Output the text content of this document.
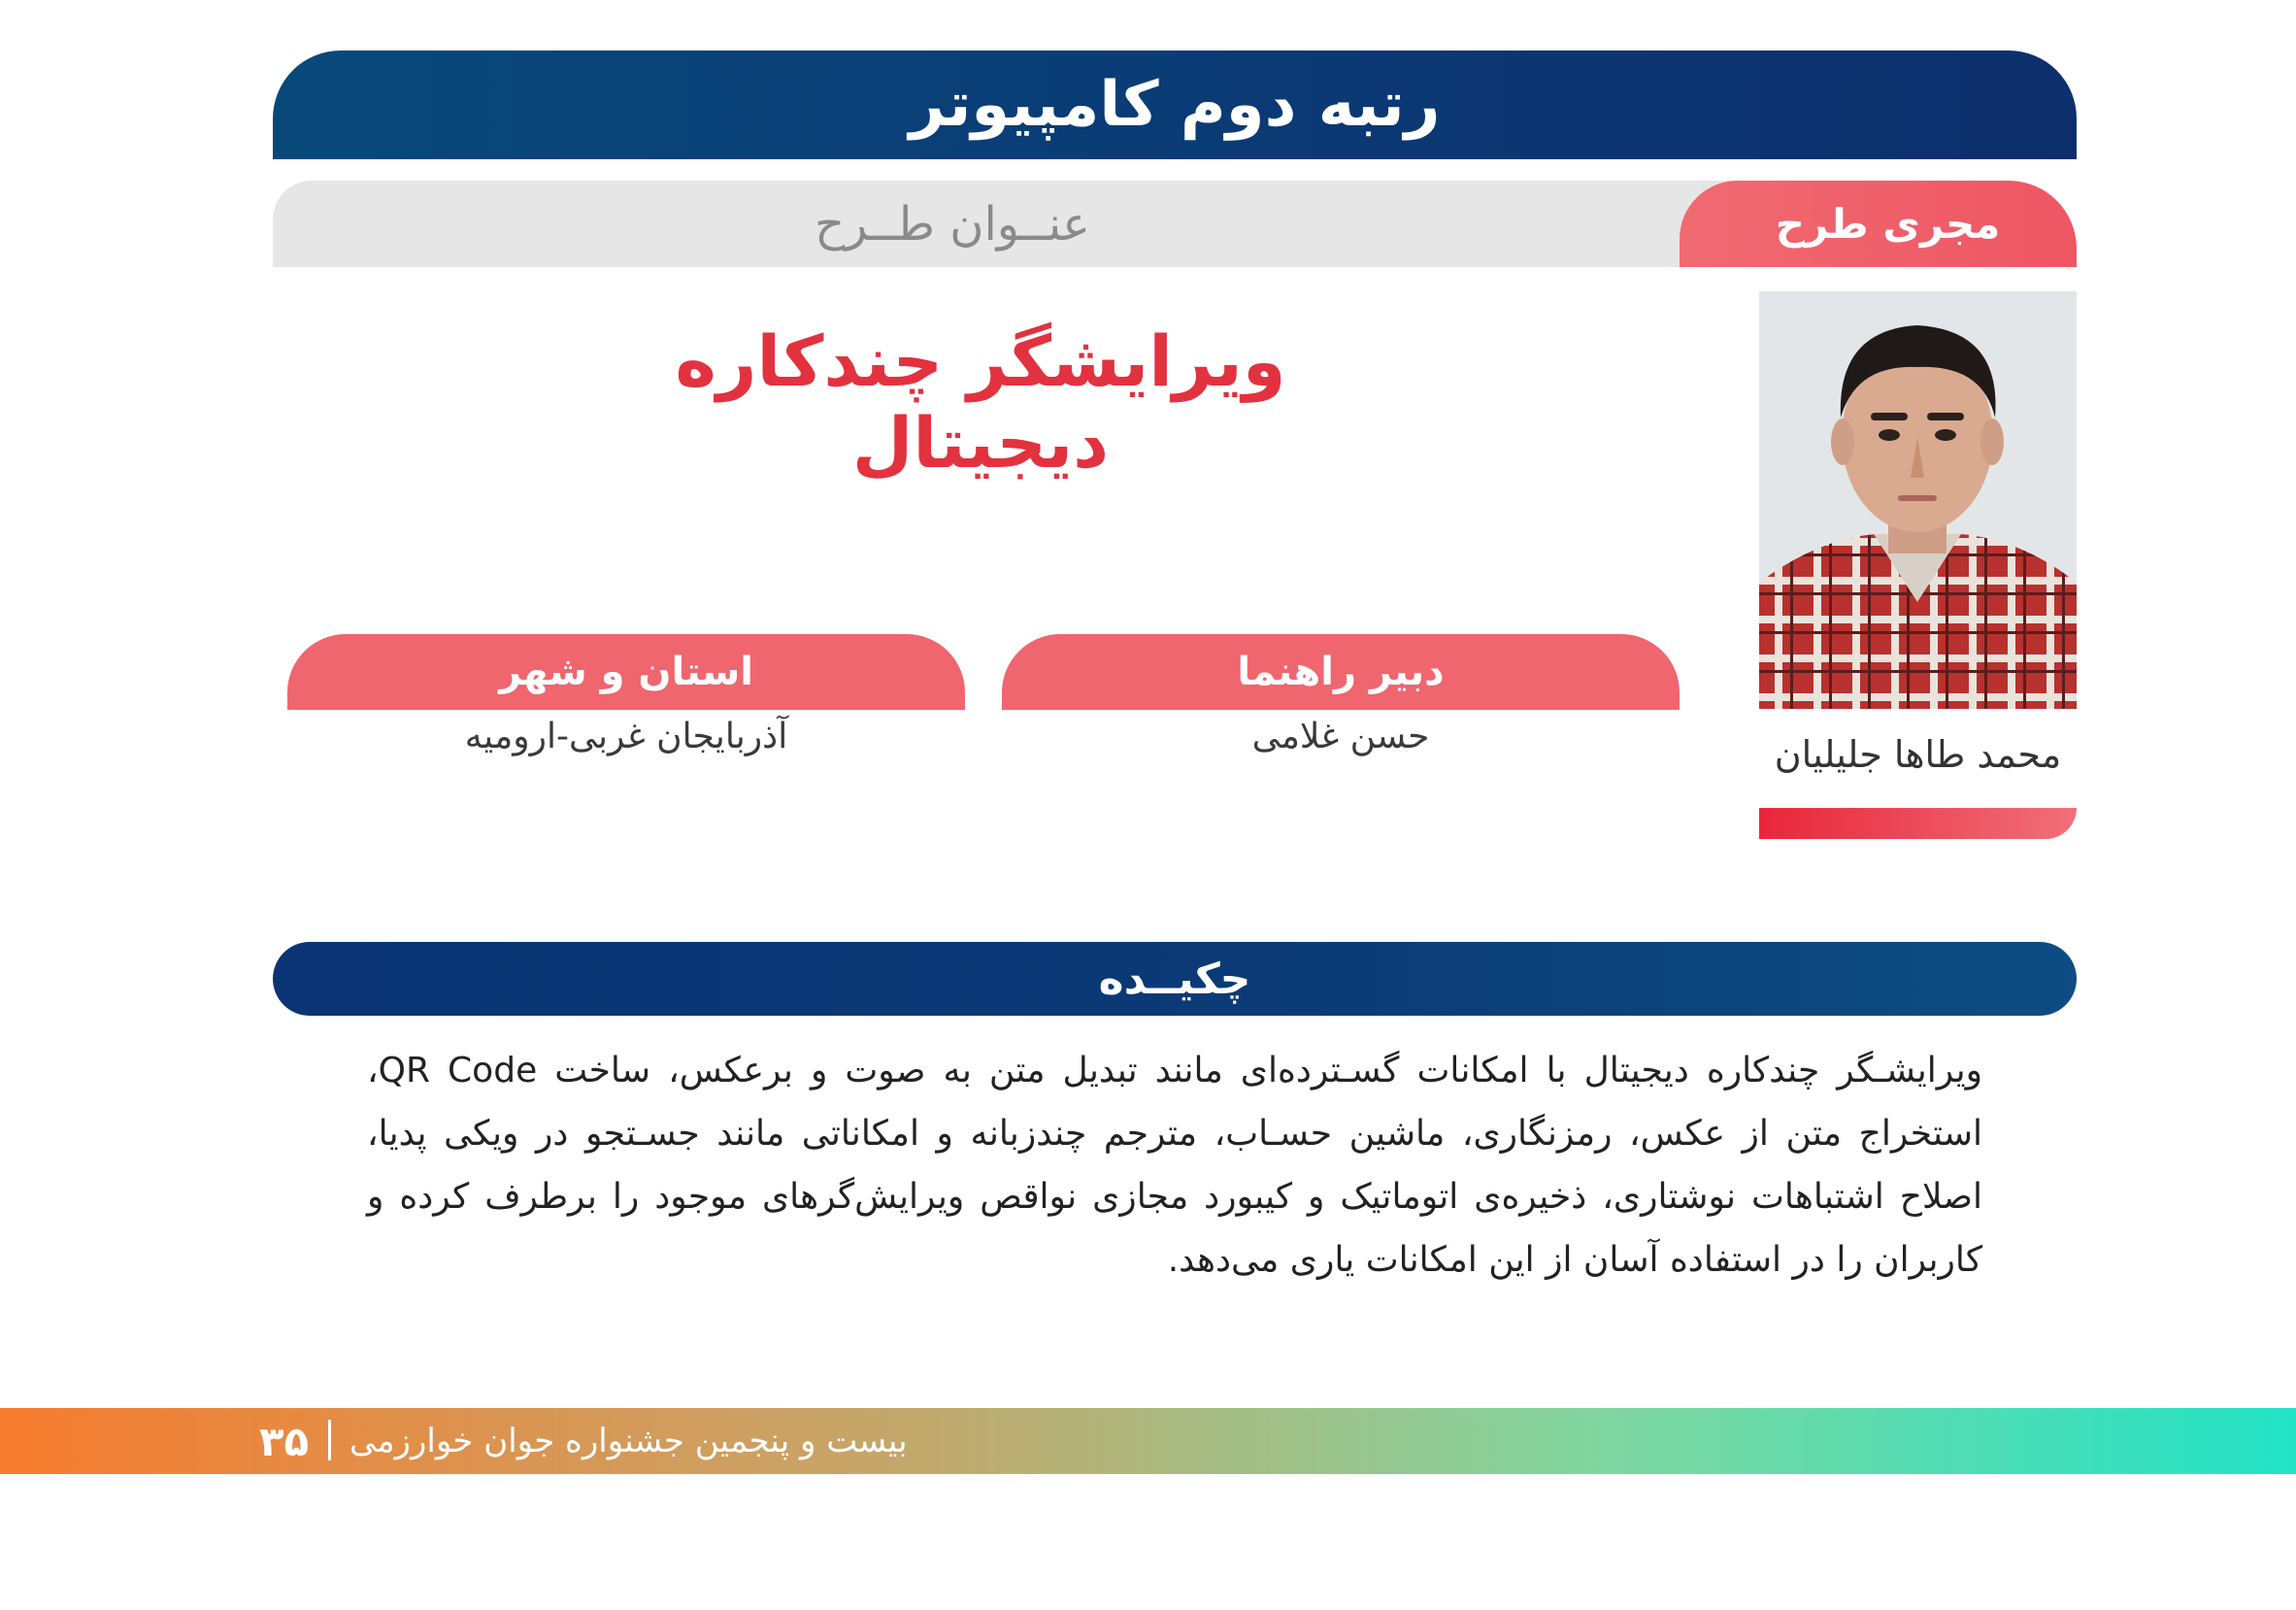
رتبه دوم کامپیوتر
عنــوان طــرح	مجری طرح
ویرایشگر چندکاره دیجیتال
محمد طاها جلیلیان
دبیر راهنما
حسن غلامی
استان و شهر
آذربایجان غربی-ارومیه
چکیــده
ویرایشـگر چندکاره دیجیتال با امکانات گسـترده‌ای مانند تبدیل متن به صوت و برعکس، ساخت QR Code، استخراج متن از عکس، رمزنگاری، ماشین حسـاب، مترجم چندزبانه و امکاناتی مانند جسـتجو در ویکی پدیا، اصلاح اشتباهات نوشتاری، ذخیره‌ی اتوماتیک و کیبورد مجازی نواقص ویرایش‌گرهای موجود را برطرف کرده و کاربران را در استفاده آسان از این امکانات یاری می‌دهد.
بیست و پنجمین جشنواره جوان خوارزمی
۳۵
